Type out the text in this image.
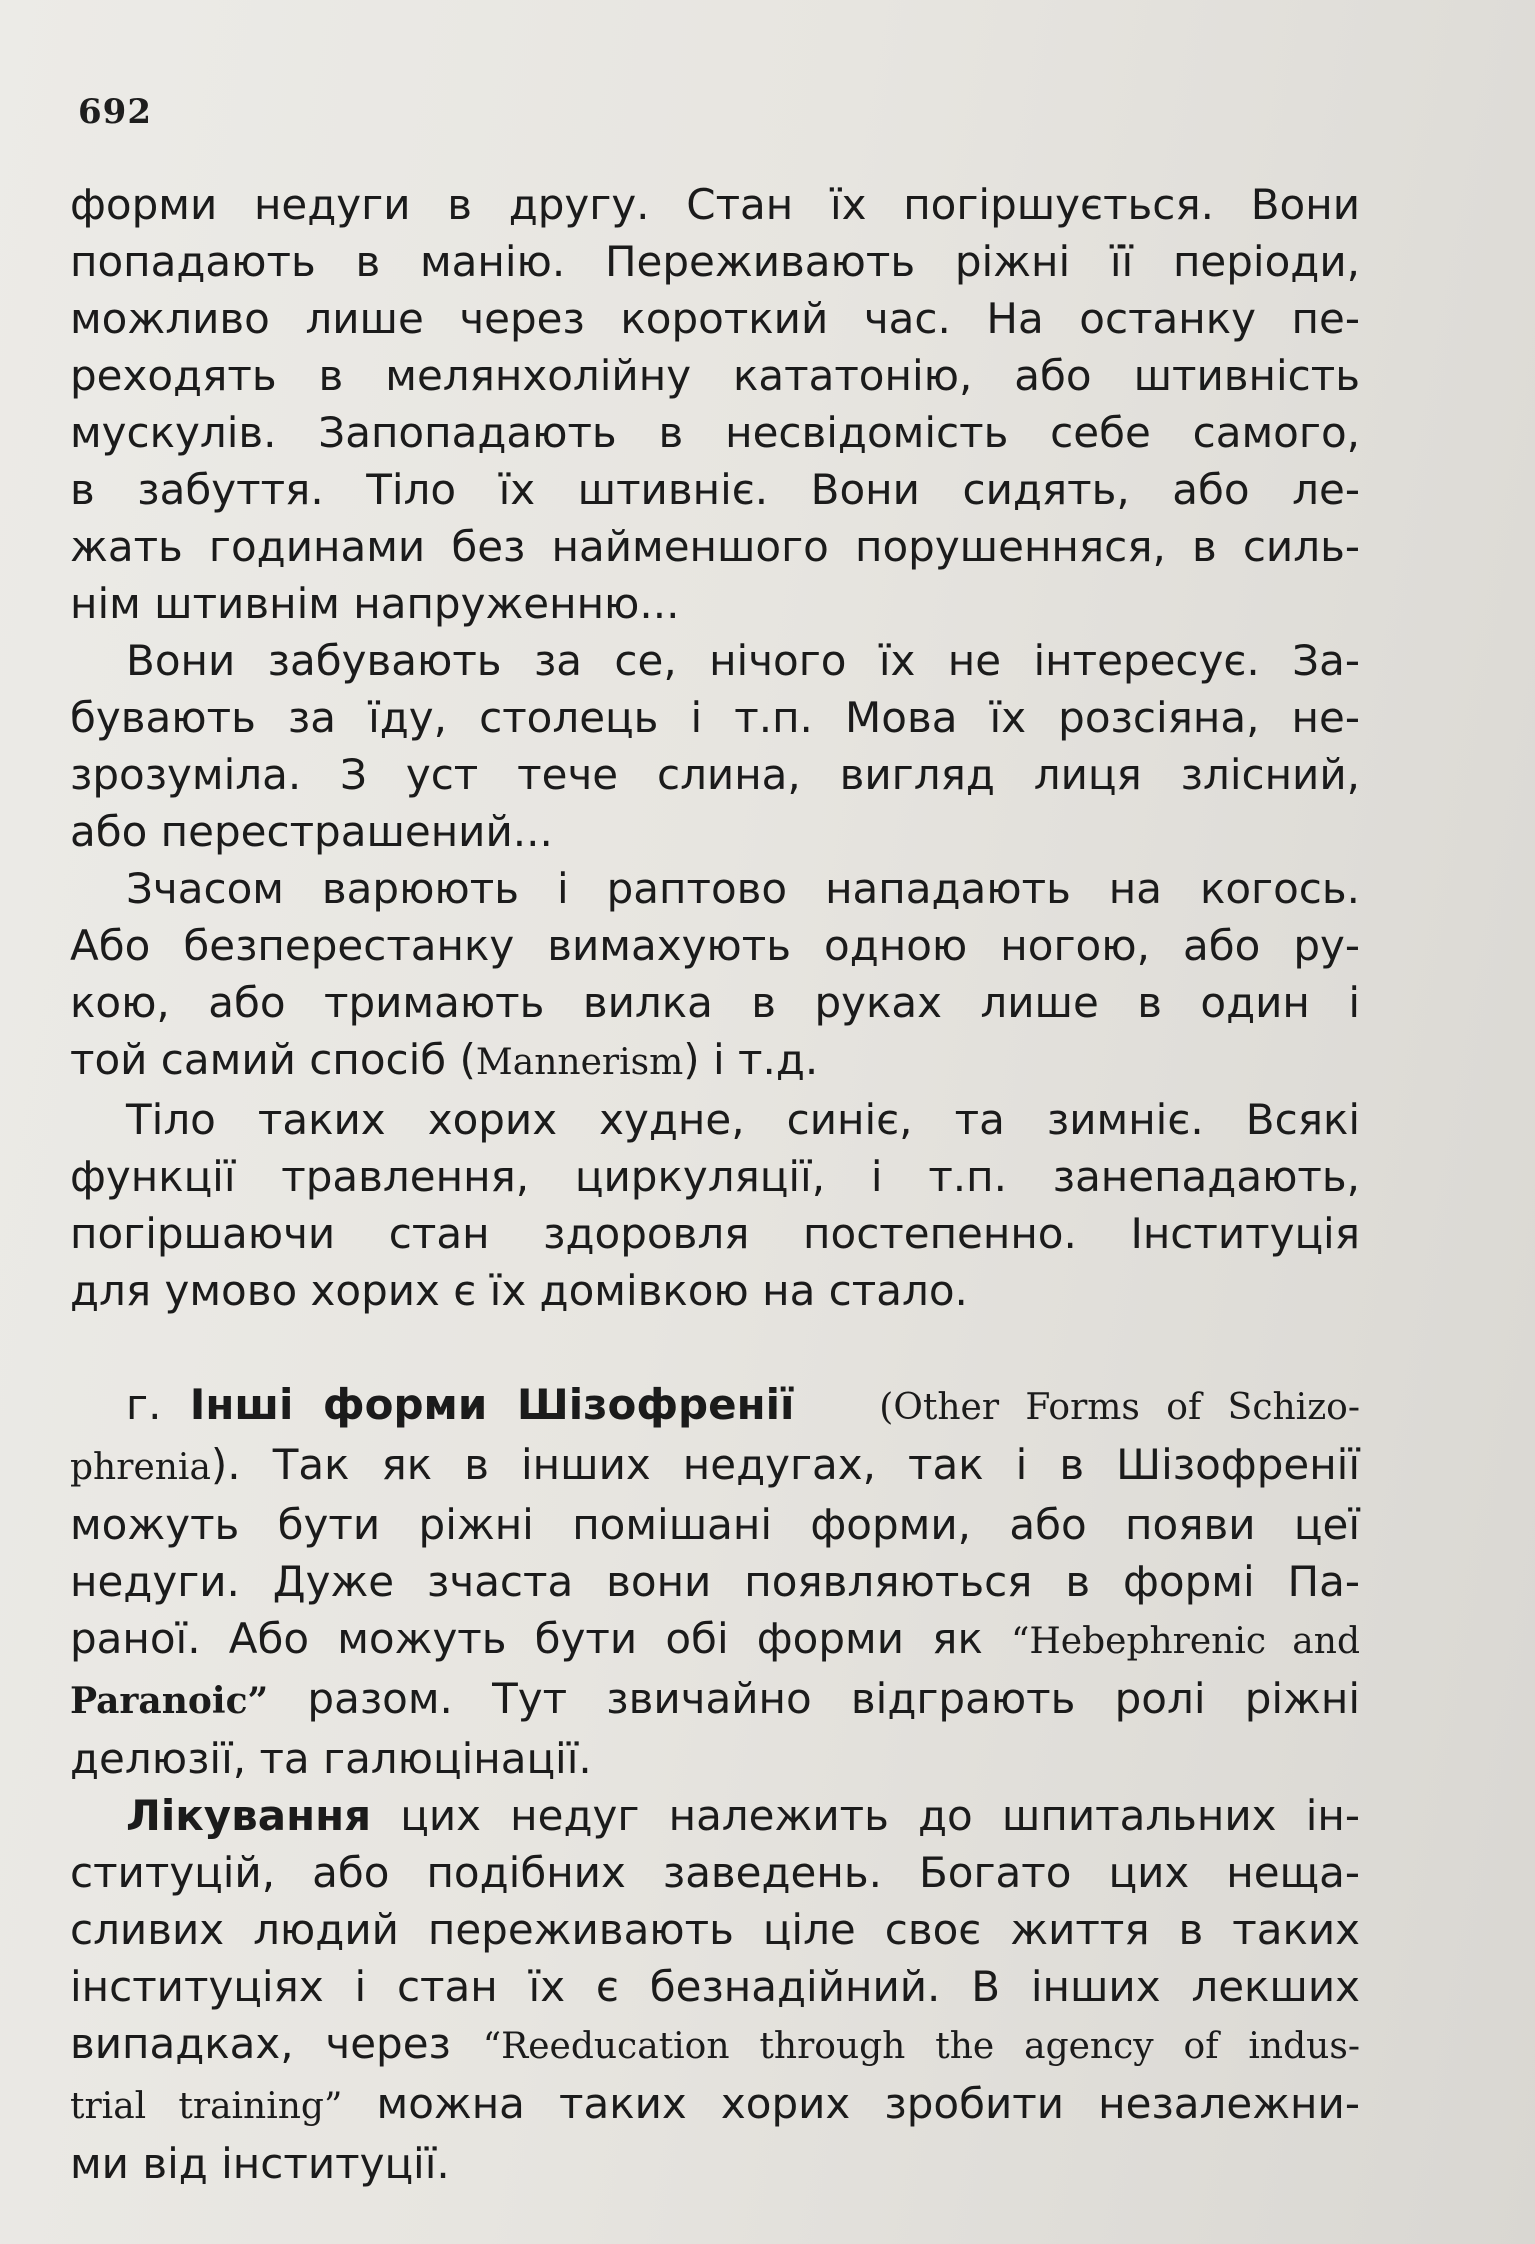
692
форми недуги в другу. Стан їх погіршується. Вони
попадають в манію. Переживають ріжні її періоди,
можливо лише через короткий час. На останку пе-
реходять в мелянхолійну кататонію, або штивність
мускулів. Запопадають в несвідомість себе самого,
в забуття. Тіло їх штивніє. Вони сидять, або ле-
жать годинами без найменшого порушенняся, в силь-
нім штивнім напруженню...
Вони забувають за се, нічого їх не інтересує. За-
бувають за їду, столець і т.п. Мова їх розсіяна, не-
зрозуміла. З уст тече слина, вигляд лиця злісний,
або перестрашений...
Зчасом варюють і раптово нападають на когось.
Або безперестанку вимахують одною ногою, або ру-
кою, або тримають вилка в руках лише в один і
той самий спосіб (Mannerism) і т.д.
Тіло таких хорих худне, синіє, та зимніє. Всякі
функції травлення, циркуляції, і т.п. занепадають,
погіршаючи стан здоровля постепенно. Інституція
для умово хорих є їх домівкою на стало.
г. Інші форми Шізофренії (Other Forms of Schizo-
phrenia). Так як в інших недугах, так і в Шізофренії
можуть бути ріжні помішані форми, або появи цеї
недуги. Дуже зчаста вони появляються в формі Па-
раної. Або можуть бути обі форми як “Hebephrenic and
Paranoic” разом. Тут звичайно відграють ролі ріжні
делюзії, та галюцінації.
Лікування цих недуг належить до шпитальних ін-
ституцій, або подібних заведень. Богато цих неща-
сливих людий переживають ціле своє життя в таких
інституціях і стан їх є безнадійний. В інших лекших
випадках, через “Reeducation through the agency of indus-
trial training” можна таких хорих зробити незалежни-
ми від інституції.
